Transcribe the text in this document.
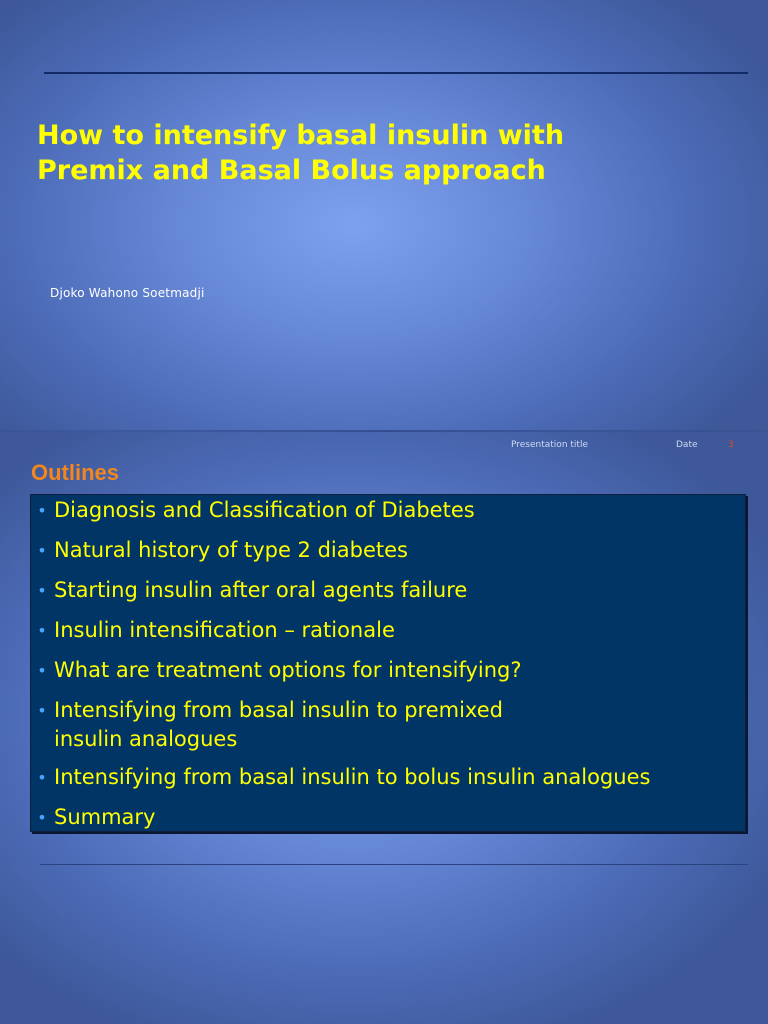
How to intensify basal insulin with
Premix and Basal Bolus approach
Djoko Wahono Soetmadji
Presentation title	Date	3
Outlines
• Diagnosis and Classification of Diabetes
• Natural history of type 2 diabetes
• Starting insulin after oral agents failure
• Insulin intensification – rationale
• What are treatment options for intensifying?
• Intensifying from basal insulin to premixed
insulin analogues
• Intensifying from basal insulin to bolus insulin analogues
• Summary
